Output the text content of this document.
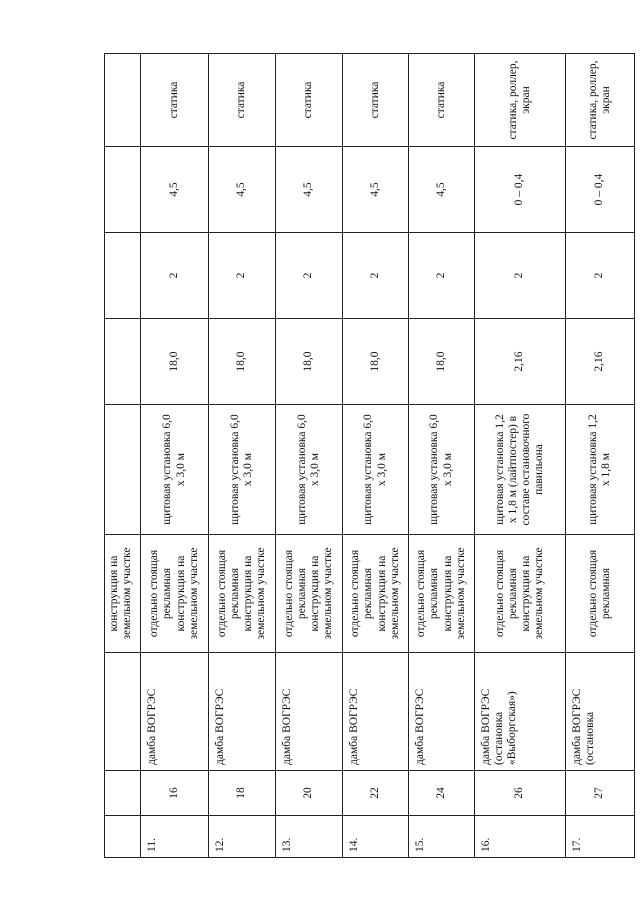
			конструкция на земельном участке					
11.	16	дамба ВОГРЭС	отдельно стоящая рекламная конструкция на земельном участке	щитовая установка 6,0 х 3,0 м	18,0	2	4,5	статика
12.	18	дамба ВОГРЭС	отдельно стоящая рекламная конструкция на земельном участке	щитовая установка 6,0 х 3,0 м	18,0	2	4,5	статика
13.	20	дамба ВОГРЭС	отдельно стоящая рекламная конструкция на земельном участке	щитовая установка 6,0 х 3,0 м	18,0	2	4,5	статика
14.	22	дамба ВОГРЭС	отдельно стоящая рекламная конструкция на земельном участке	щитовая установка 6,0 х 3,0 м	18,0	2	4,5	статика
15.	24	дамба ВОГРЭС	отдельно стоящая рекламная конструкция на земельном участке	щитовая установка 6,0 х 3,0 м	18,0	2	4,5	статика
16.	26	дамба ВОГРЭС (остановка «Выборгская»)	отдельно стоящая рекламная конструкция на земельном участке	щитовая установка 1,2 х 1,8 м (лайтпостер) в составе остановочного павильона	2,16	2	0 – 0,4	статика, роллер, экран
17.	27	дамба ВОГРЭС (остановка	отдельно стоящая рекламная	щитовая установка 1,2 х 1,8 м	2,16	2	0 – 0,4	статика, роллер, экран
